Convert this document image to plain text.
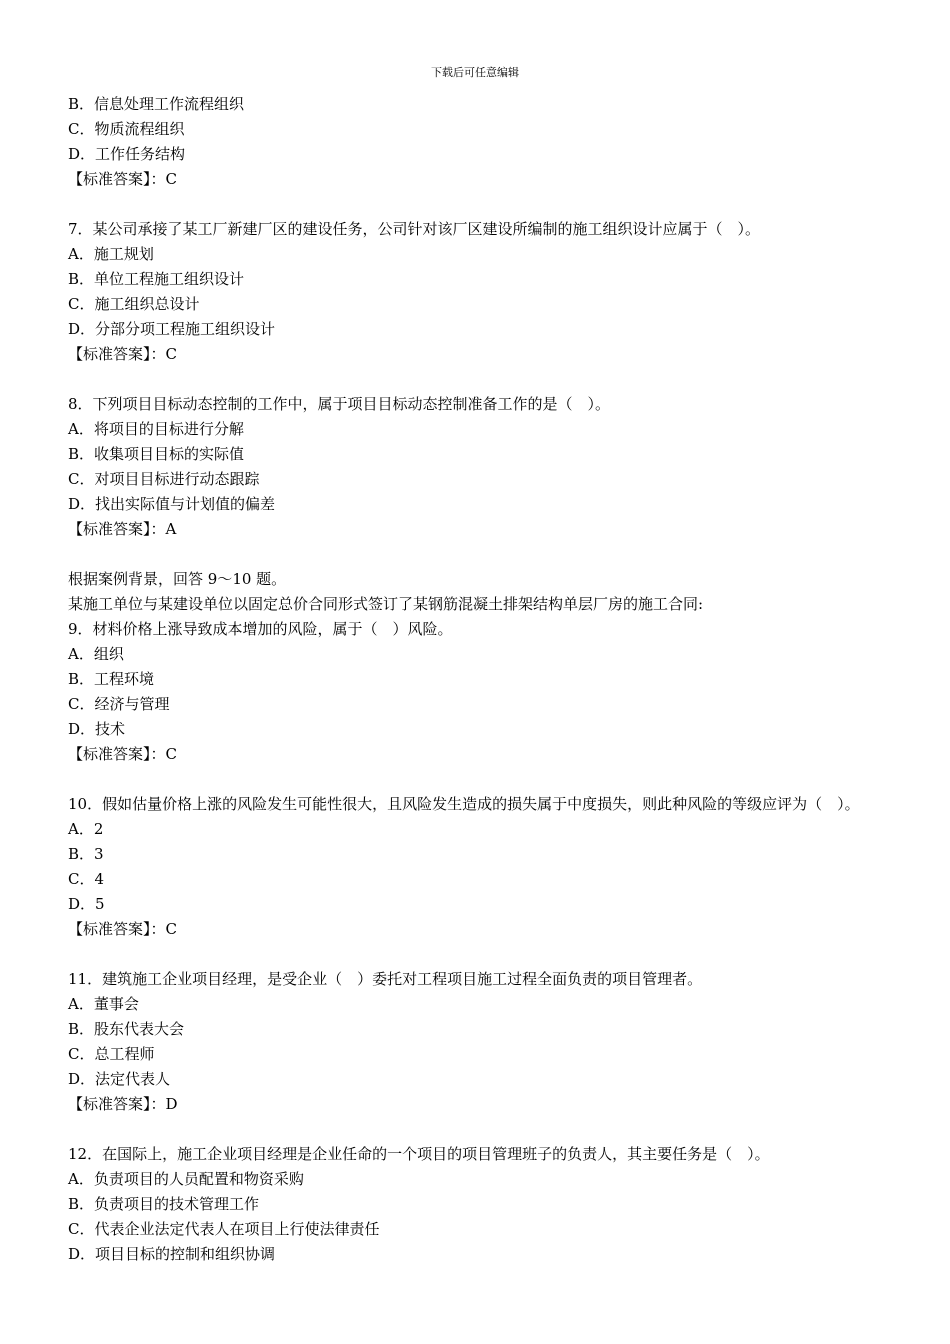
下载后可任意编辑
B．信息处理工作流程组织
C．物质流程组织
D．工作任务结构
【标准答案】：C
7．某公司承接了某工厂新建厂区的建设任务，公司针对该厂区建设所编制的施工组织设计应属于（　）。
A．施工规划
B．单位工程施工组织设计
C．施工组织总设计
D．分部分项工程施工组织设计
【标准答案】：C
8．下列项目目标动态控制的工作中，属于项目目标动态控制准备工作的是（　）。
A．将项目的目标进行分解
B．收集项目目标的实际值
C．对项目目标进行动态跟踪
D．找出实际值与计划值的偏差
【标准答案】：A
根据案例背景，回答 9～10 题。
某施工单位与某建设单位以固定总价合同形式签订了某钢筋混凝土排架结构单层厂房的施工合同:
9．材料价格上涨导致成本增加的风险，属于（　）风险。
A．组织
B．工程环境
C．经济与管理
D．技术
【标准答案】：C
10．假如估量价格上涨的风险发生可能性很大，且风险发生造成的损失属于中度损失，则此种风险的等级应评为（　）。
A．2
B．3
C．4
D．5
【标准答案】：C
11．建筑施工企业项目经理，是受企业（　）委托对工程项目施工过程全面负责的项目管理者。
A．董事会
B．股东代表大会
C．总工程师
D．法定代表人
【标准答案】：D
12．在国际上，施工企业项目经理是企业任命的一个项目的项目管理班子的负责人，其主要任务是（　）。
A．负责项目的人员配置和物资采购
B．负责项目的技术管理工作
C．代表企业法定代表人在项目上行使法律责任
D．项目目标的控制和组织协调
